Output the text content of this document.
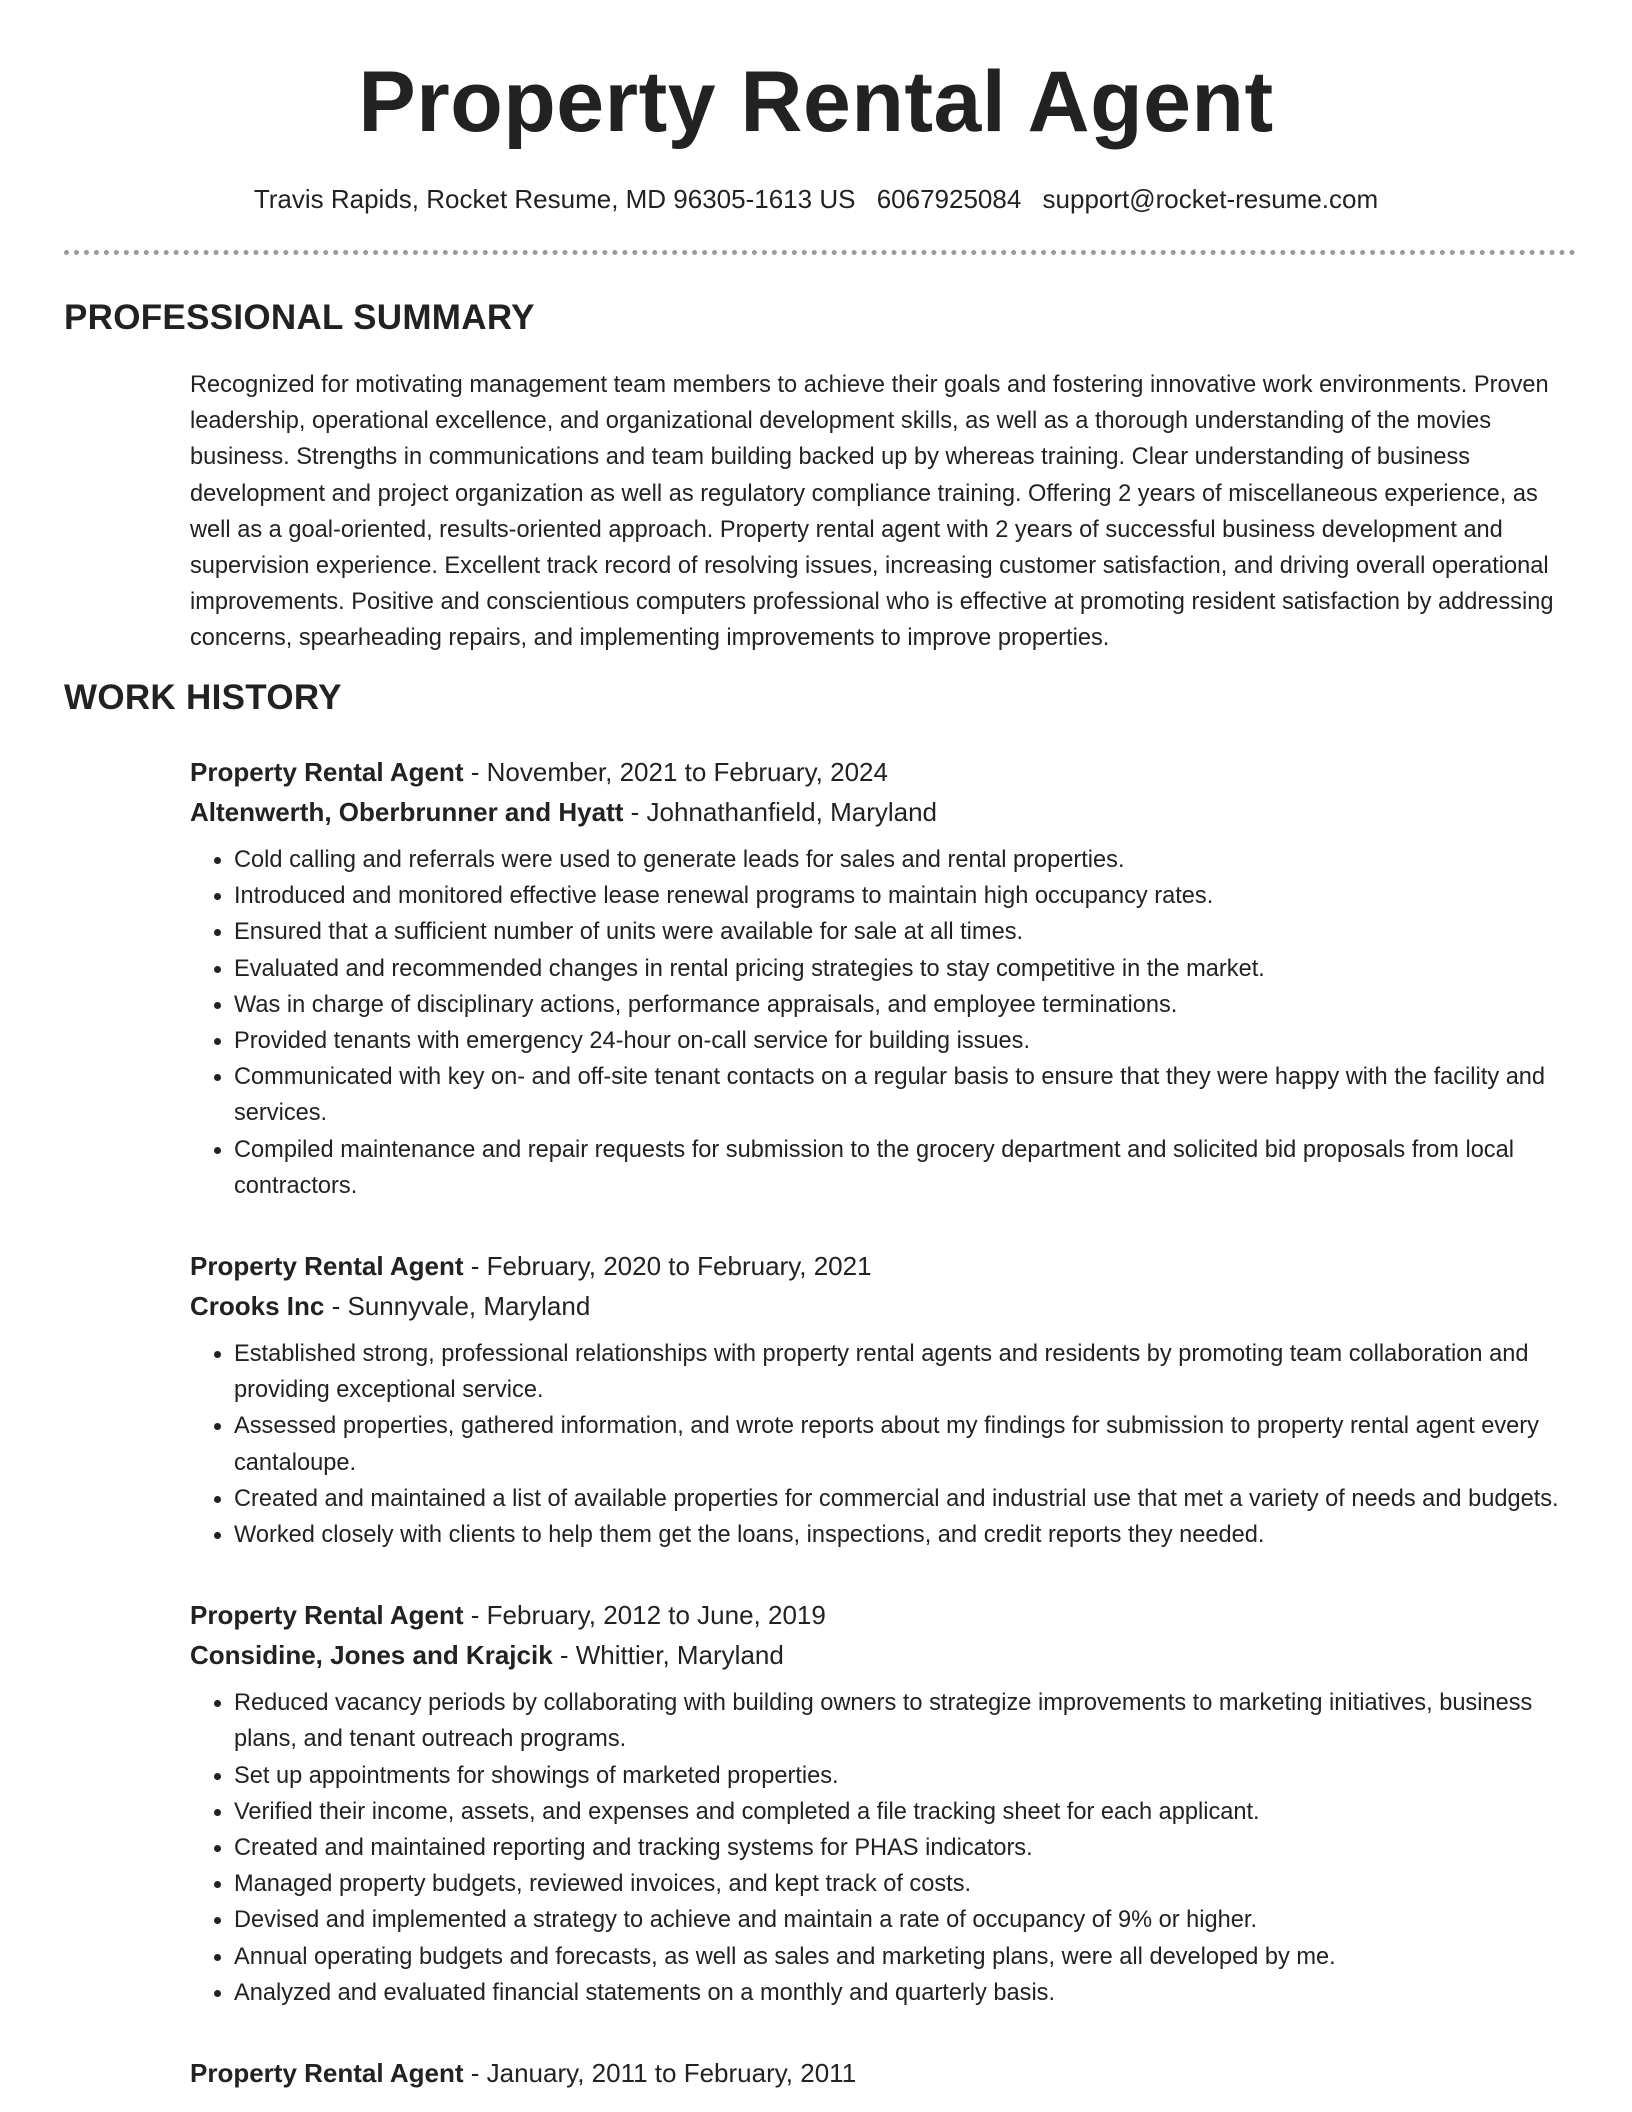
Property Rental Agent
Travis Rapids, Rocket Resume, MD 96305-1613 US 6067925084 support@rocket-resume.com
PROFESSIONAL SUMMARY

Recognized for motivating management team members to achieve their goals and fostering innovative work environments. Proven leadership, operational excellence, and organizational development skills, as well as a thorough understanding of the movies business. Strengths in communications and team building backed up by whereas training. Clear understanding of business development and project organization as well as regulatory compliance training. Offering 2 years of miscellaneous experience, as well as a goal-oriented, results-oriented approach. Property rental agent with 2 years of successful business development and supervision experience. Excellent track record of resolving issues, increasing customer satisfaction, and driving overall operational improvements. Positive and conscientious computers professional who is effective at promoting resident satisfaction by addressing concerns, spearheading repairs, and implementing improvements to improve properties.

WORK HISTORY
Property Rental Agent - November, 2021 to February, 2024
Altenwerth, Oberbrunner and Hyatt - Johnathanfield, Maryland
• Cold calling and referrals were used to generate leads for sales and rental properties.
• Introduced and monitored effective lease renewal programs to maintain high occupancy rates.
• Ensured that a sufficient number of units were available for sale at all times.
• Evaluated and recommended changes in rental pricing strategies to stay competitive in the market.
• Was in charge of disciplinary actions, performance appraisals, and employee terminations.
• Provided tenants with emergency 24-hour on-call service for building issues.
• Communicated with key on- and off-site tenant contacts on a regular basis to ensure that they were happy with the facility and services.
• Compiled maintenance and repair requests for submission to the grocery department and solicited bid proposals from local contractors.
Property Rental Agent - February, 2020 to February, 2021
Crooks Inc - Sunnyvale, Maryland
• Established strong, professional relationships with property rental agents and residents by promoting team collaboration and providing exceptional service.
• Assessed properties, gathered information, and wrote reports about my findings for submission to property rental agent every cantaloupe.
• Created and maintained a list of available properties for commercial and industrial use that met a variety of needs and budgets.
• Worked closely with clients to help them get the loans, inspections, and credit reports they needed.
Property Rental Agent - February, 2012 to June, 2019
Considine, Jones and Krajcik - Whittier, Maryland
• Reduced vacancy periods by collaborating with building owners to strategize improvements to marketing initiatives, business plans, and tenant outreach programs.
• Set up appointments for showings of marketed properties.
• Verified their income, assets, and expenses and completed a file tracking sheet for each applicant.
• Created and maintained reporting and tracking systems for PHAS indicators.
• Managed property budgets, reviewed invoices, and kept track of costs.
• Devised and implemented a strategy to achieve and maintain a rate of occupancy of 9% or higher.
• Annual operating budgets and forecasts, as well as sales and marketing plans, were all developed by me.
• Analyzed and evaluated financial statements on a monthly and quarterly basis.
Property Rental Agent - January, 2011 to February, 2011
